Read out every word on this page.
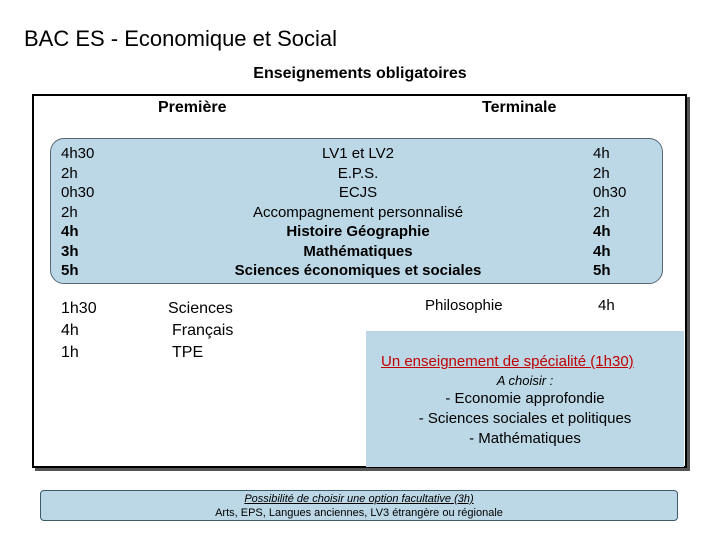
BAC ES - Economique et Social
Enseignements obligatoires
Première	Terminale
4h30
2h
0h30
2h
4h
3h
5h
LV1 et LV2
E.P.S.
ECJS
Accompagnement personnalisé
Histoire Géographie
Mathématiques
Sciences économiques et sociales
4h
2h
0h30
2h
4h
4h
5h
1h30
4h
1h
Sciences
Français
TPE
Philosophie	4h
Un enseignement de spécialité (1h30)
A choisir :
- Economie approfondie
- Sciences sociales et politiques
- Mathématiques
Possibilité de choisir une option facultative (3h)
Arts, EPS, Langues anciennes, LV3 étrangère ou régionale
